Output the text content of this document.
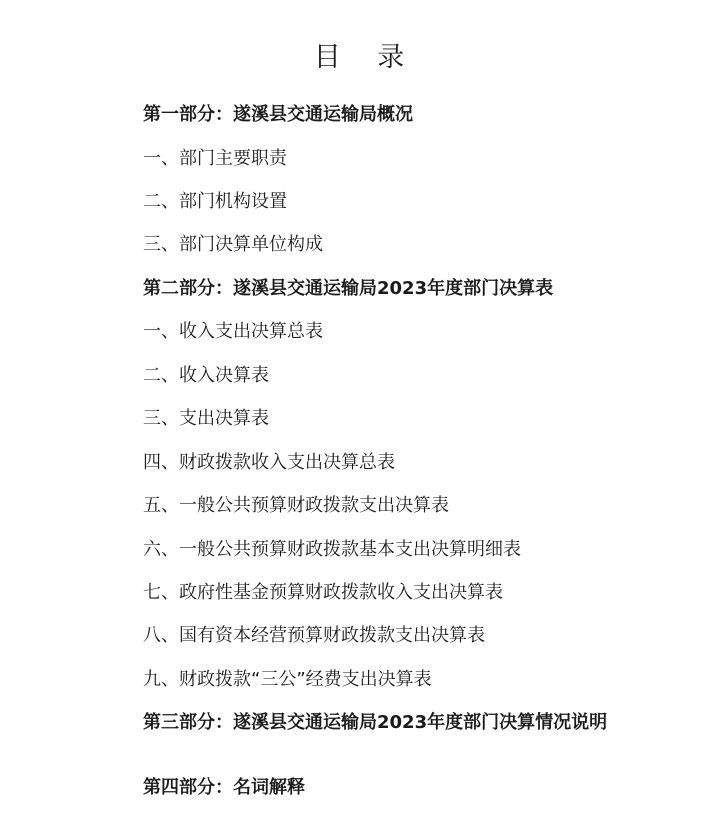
目 录
第一部分：遂溪县交通运输局概况
一、部门主要职责
二、部门机构设置
三、部门决算单位构成
第二部分：遂溪县交通运输局2023年度部门决算表
一、收入支出决算总表
二、收入决算表
三、支出决算表
四、财政拨款收入支出决算总表
五、一般公共预算财政拨款支出决算表
六、一般公共预算财政拨款基本支出决算明细表
七、政府性基金预算财政拨款收入支出决算表
八、国有资本经营预算财政拨款支出决算表
九、财政拨款“三公”经费支出决算表
第三部分：遂溪县交通运输局2023年度部门决算情况说明
第四部分：名词解释
